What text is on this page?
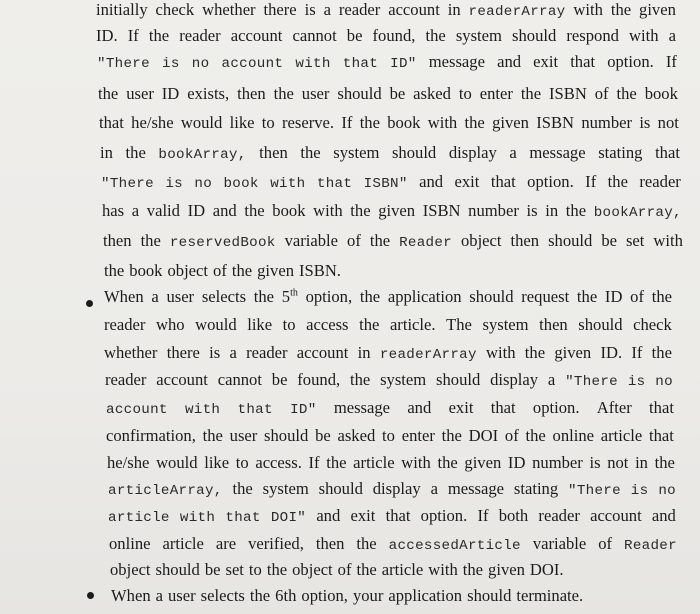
initially check whether there is a reader account in readerArray with the given
ID. If the reader account cannot be found, the system should respond with a
"There is no account with that ID" message and exit that option. If
the user ID exists, then the user should be asked to enter the ISBN of the book
that he/she would like to reserve. If the book with the given ISBN number is not
in the bookArray, then the system should display a message stating that
"There is no book with that ISBN" and exit that option. If the reader
has a valid ID and the book with the given ISBN number is in the bookArray,
then the reservedBook variable of the Reader object then should be set with
the book object of the given ISBN.
When a user selects the 5th option, the application should request the ID of the
reader who would like to access the article. The system then should check
whether there is a reader account in readerArray with the given ID. If the
reader account cannot be found, the system should display a "There is no
account with that ID" message and exit that option. After that
confirmation, the user should be asked to enter the DOI of the online article that
he/she would like to access. If the article with the given ID number is not in the
articleArray, the system should display a message stating "There is no
article with that DOI" and exit that option. If both reader account and
online article are verified, then the accessedArticle variable of Reader
object should be set to the object of the article with the given DOI.
When a user selects the 6th option, your application should terminate.
